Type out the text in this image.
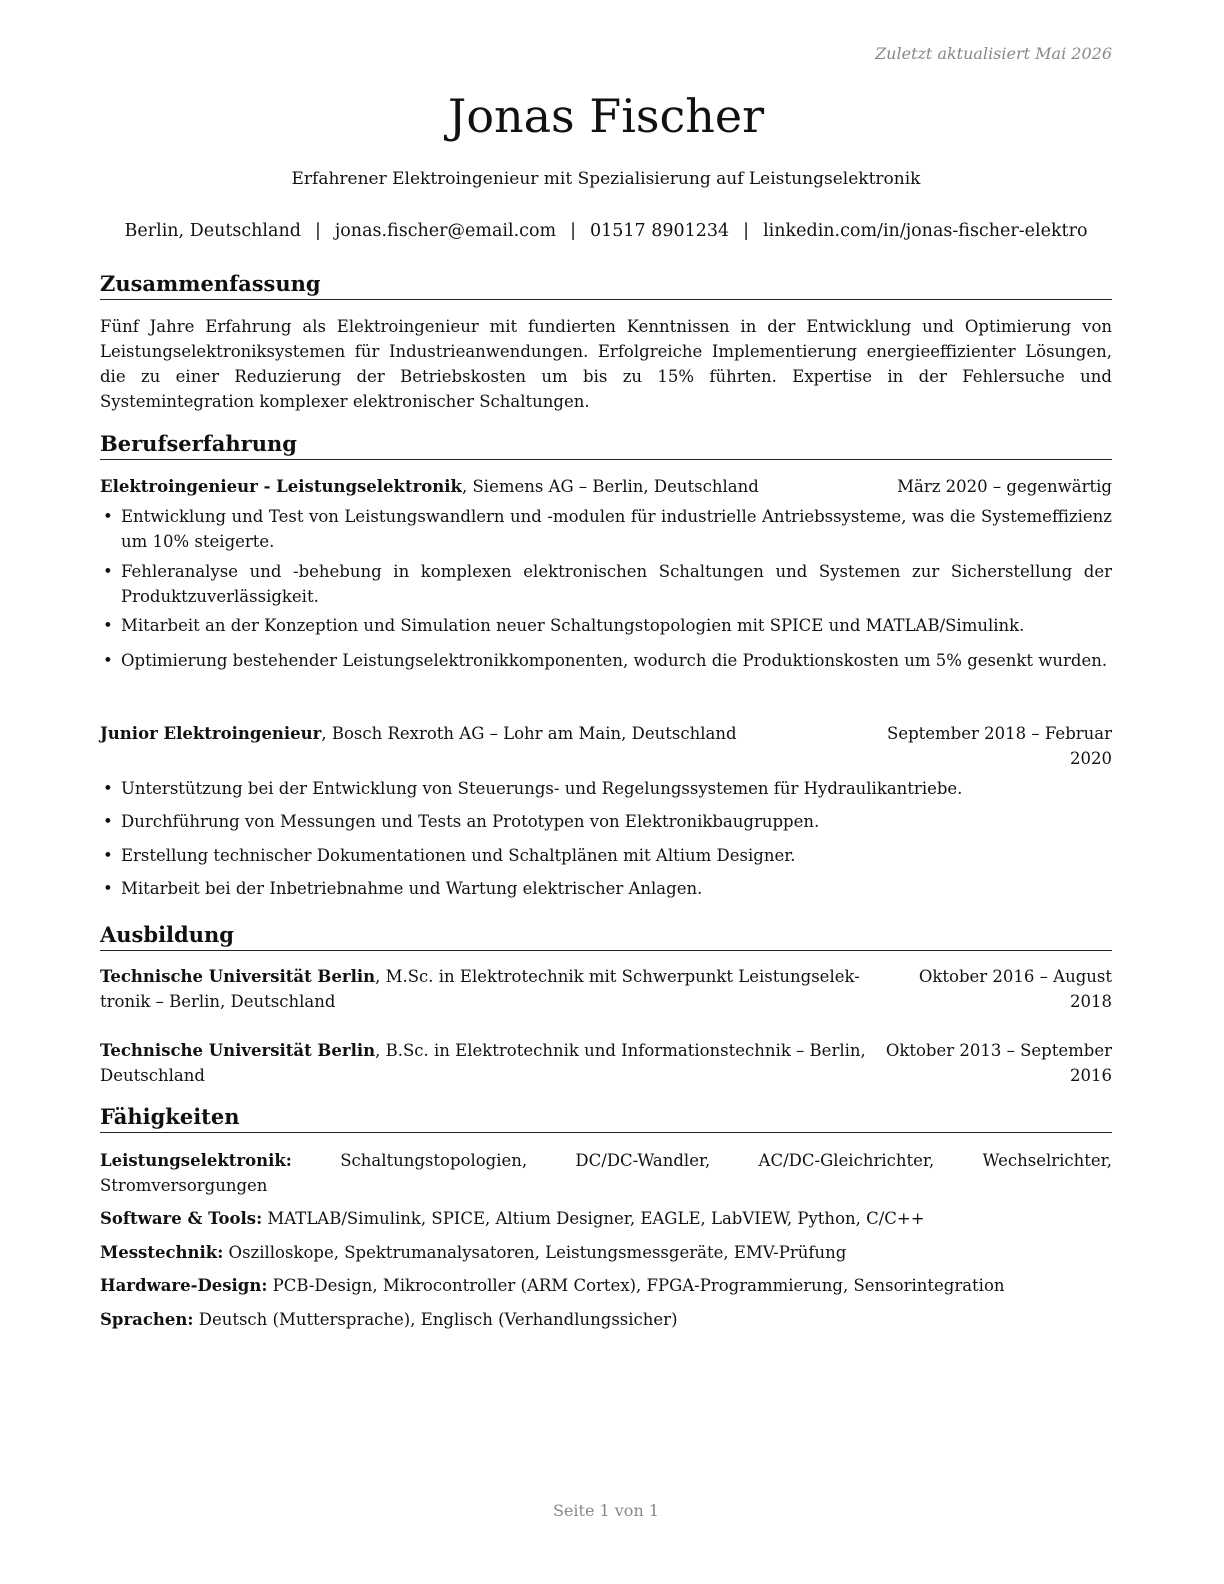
Zuletzt aktualisiert Mai 2026
Jonas Fischer
Erfahrener Elektroingenieur mit Spezialisierung auf Leistungselektronik
Berlin, Deutschland | jonas.fischer@email.com | 01517 8901234 | linkedin.com/in/jonas-fischer-elektro
Zusammenfassung
Fünf Jahre Erfahrung als Elektroingenieur mit fundierten Kenntnissen in der Entwicklung und Optimierung von Leistungselektroniksystemen für Industrieanwendungen. Erfolgreiche Implementierung energieeffizienter Lösungen, die zu einer Reduzierung der Betriebskosten um bis zu 15% führten. Expertise in der Fehlersuche und Systemintegration komplexer elektronischer Schaltungen.
Berufserfahrung
Elektroingenieur - Leistungselektronik, Siemens AG – Berlin, Deutschland	März 2020 – gegenwärtig
• Entwicklung und Test von Leistungswandlern und -modulen für industrielle Antriebssysteme, was die Systemeffizienz um 10% steigerte.
• Fehleranalyse und -behebung in komplexen elektronischen Schaltungen und Systemen zur Sicherstellung der Produktzuverlässigkeit.
• Mitarbeit an der Konzeption und Simulation neuer Schaltungstopologien mit SPICE und MATLAB/Simulink.
• Optimierung bestehender Leistungselektronikkomponenten, wodurch die Produktionskosten um 5% gesenkt wurden.
Junior Elektroingenieur, Bosch Rexroth AG – Lohr am Main, Deutschland	September 2018 – Februar
2020
• Unterstützung bei der Entwicklung von Steuerungs- und Regelungssystemen für Hydraulikantriebe.
• Durchführung von Messungen und Tests an Prototypen von Elektronikbaugruppen.
• Erstellung technischer Dokumentationen und Schaltplänen mit Altium Designer.
• Mitarbeit bei der Inbetriebnahme und Wartung elektrischer Anlagen.
Ausbildung
Technische Universität Berlin, M.Sc. in Elektrotechnik mit Schwerpunkt Leistungselek-
tronik – Berlin, Deutschland
Oktober 2016 – August
2018
Technische Universität Berlin, B.Sc. in Elektrotechnik und Informationstechnik – Berlin,
Deutschland
Oktober 2013 – September
2016
Fähigkeiten
Leistungselektronik: Schaltungstopologien, DC/DC-Wandler, AC/DC-Gleichrichter, Wechselrichter, Stromversorgungen
Software & Tools: MATLAB/Simulink, SPICE, Altium Designer, EAGLE, LabVIEW, Python, C/C++
Messtechnik: Oszilloskope, Spektrumanalysatoren, Leistungsmessgeräte, EMV-Prüfung
Hardware-Design: PCB-Design, Mikrocontroller (ARM Cortex), FPGA-Programmierung, Sensorintegration
Sprachen: Deutsch (Muttersprache), Englisch (Verhandlungssicher)
Seite 1 von 1
